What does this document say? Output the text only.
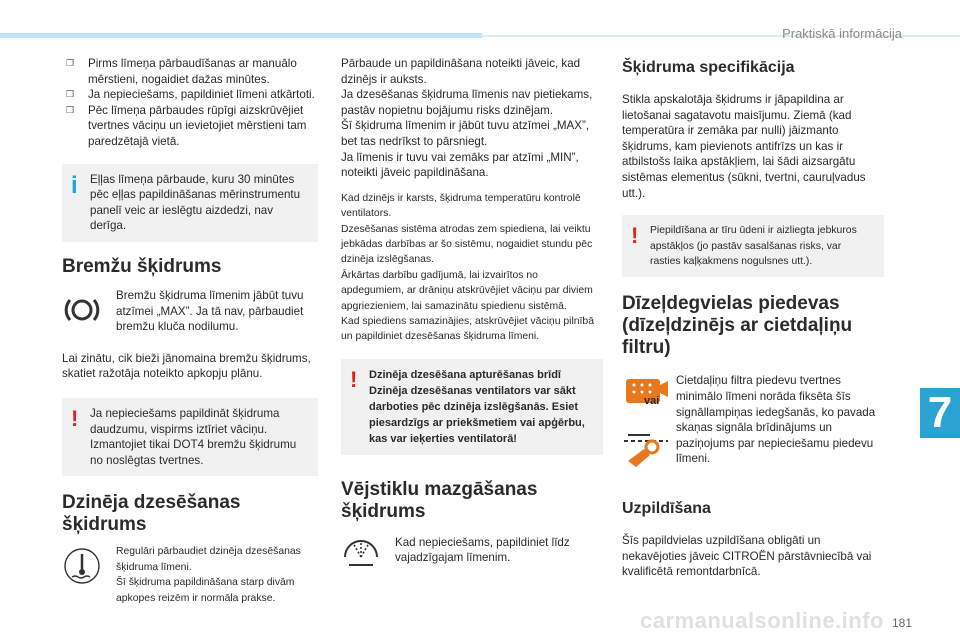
Praktiskā informācija

❒ Pirms līmeņa pārbaudīšanas ar manuālo mērstieni, nogaidiet dažas minūtes.

❒ Ja nepieciešams, papildiniet līmeni atkārtoti.

❒ Pēc līmeņa pārbaudes rūpīgi aizskrūvējiet tvertnes vāciņu un ievietojiet mērstieni tam paredzētajā vietā.

i Eļļas līmeņa pārbaude, kuru 30 minūtes pēc eļļas papildināšanas mērinstrumentu panelī veic ar ieslēgtu aizdedzi, nav derīga.

Bremžu šķidrums

Bremžu šķidruma līmenim jābūt tuvu atzīmei „MAX”. Ja tā nav, pārbaudiet bremžu kluča nodilumu.

Lai zinātu, cik bieži jānomaina bremžu šķidrums, skatiet ražotāja noteikto apkopju plānu.

! Ja nepieciešams papildināt šķidruma daudzumu, vispirms iztīriet vāciņu. Izmantojiet tikai DOT4 bremžu šķidrumu no noslēgtas tvertnes.

Dzinēja dzesēšanas šķidrums

Regulāri pārbaudiet dzinēja dzesēšanas šķidruma līmeni.

Šī šķidruma papildināšana starp divām apkopes reizēm ir normāla prakse.

Pārbaude un papildināšana noteikti jāveic, kad dzinējs ir auksts.

Ja dzesēšanas šķidruma līmenis nav pietiekams, pastāv nopietnu bojājumu risks dzinējam.

Šī šķidruma līmenim ir jābūt tuvu atzīmei „MAX”, bet tas nedrīkst to pārsniegt.

Ja līmenis ir tuvu vai zemāks par atzīmi „MIN”, noteikti jāveic papildināšana.

Kad dzinējs ir karsts, šķidruma temperatūru kontrolē ventilators.

Dzesēšanas sistēma atrodas zem spiediena, lai veiktu jebkādas darbības ar šo sistēmu, nogaidiet stundu pēc dzinēja izslēgšanas.

Ārkārtas darbību gadījumā, lai izvairītos no apdegumiem, ar drāniņu atskrūvējiet vāciņu par diviem apgriezieniem, lai samazinātu spiedienu sistēmā.

Kad spiediens samazinājies, atskrūvējiet vāciņu pilnībā un papildiniet dzesēšanas šķidruma līmeni.

! Dzinēja dzesēšana apturēšanas brīdī Dzinēja dzesēšanas ventilators var sākt darboties pēc dzinēja izslēgšanās. Esiet piesardzīgs ar priekšmetiem vai apģērbu, kas var ieķerties ventilatorā!

Vējstiklu mazgāšanas šķidrums

Kad nepieciešams, papildiniet līdz vajadzīgajam līmenim.

Šķidruma specifikācija

Stikla apskalotāja šķidrums ir jāpapildina ar lietošanai sagatavotu maisījumu. Ziemā (kad temperatūra ir zemāka par nulli) jāizmanto šķidrums, kam pievienots antifrīzs un kas ir atbilstošs laika apstākļiem, lai šādi aizsargātu sistēmas elementus (sūkni, tvertni, cauruļvadus utt.).

! Piepildīšana ar tīru ūdeni ir aizliegta jebkuros apstākļos (jo pastāv sasalšanas risks, var rasties kaļķakmens nogulsnes utt.).

Dīzeļdegvielas piedevas (dīzeļdzinējs ar cietdaļiņu filtru)

Cietdaļiņu filtra piedevu tvertnes minimālo līmeni norāda fiksēta šīs signāllampiņas iedegšanās, ko pavada skaņas signāla brīdinājums un paziņojums par nepieciešamu piedevu līmeni.

vai
Uzpildīšana

Šīs papildvielas uzpildīšana obligāti un nekavējoties jāveic CITROËN pārstāvniecībā vai kvalificētā remontdarbnīcā.

7
carmanualsonline.info 181
